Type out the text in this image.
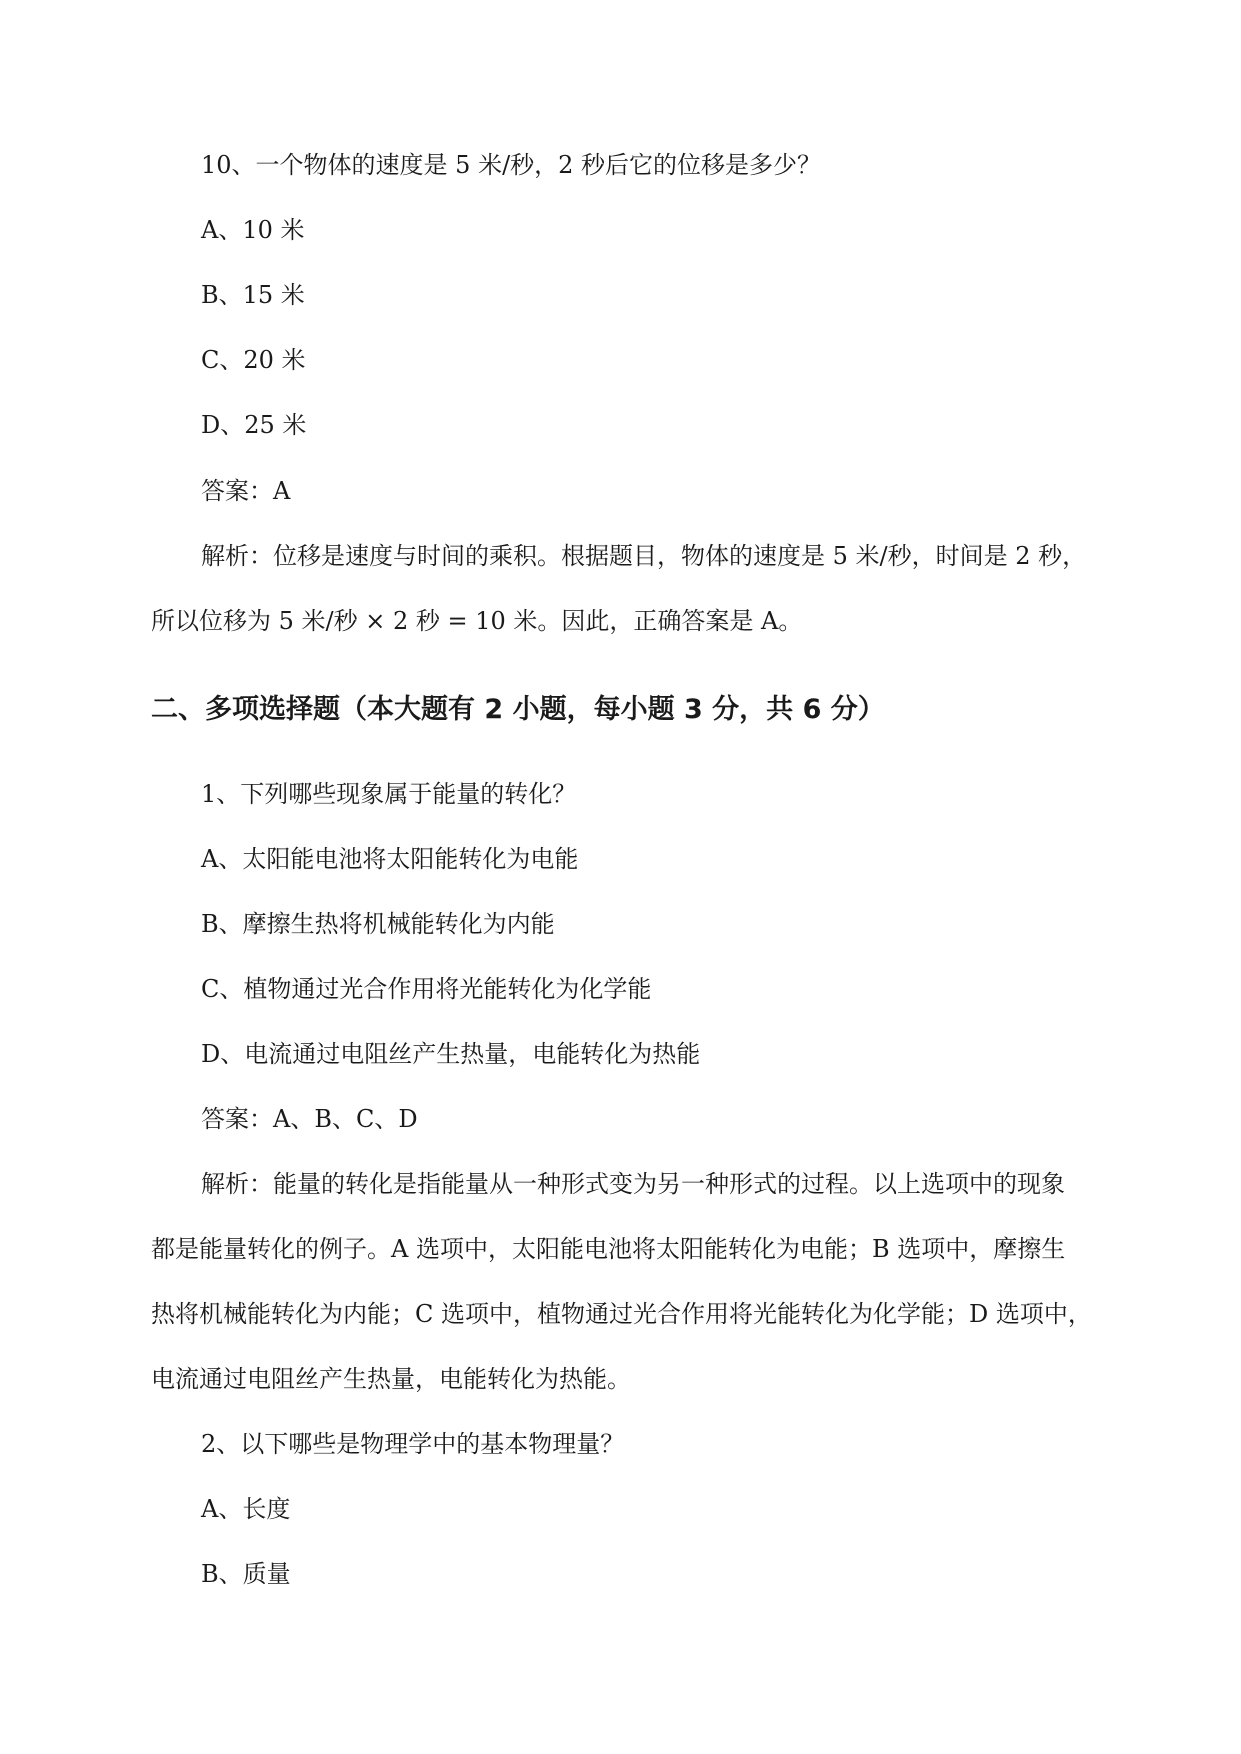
10、一个物体的速度是 5 米/秒，2 秒后它的位移是多少？
A、10 米
B、15 米
C、20 米
D、25 米
答案：A
解析：位移是速度与时间的乘积。根据题目，物体的速度是 5 米/秒，时间是 2 秒，
所以位移为 5 米/秒 × 2 秒 = 10 米。因此，正确答案是 A。
二、多项选择题（本大题有 2 小题，每小题 3 分，共 6 分）
1、下列哪些现象属于能量的转化？
A、太阳能电池将太阳能转化为电能
B、摩擦生热将机械能转化为内能
C、植物通过光合作用将光能转化为化学能
D、电流通过电阻丝产生热量，电能转化为热能
答案：A、B、C、D
解析：能量的转化是指能量从一种形式变为另一种形式的过程。以上选项中的现象
都是能量转化的例子。A 选项中，太阳能电池将太阳能转化为电能；B 选项中，摩擦生
热将机械能转化为内能；C 选项中，植物通过光合作用将光能转化为化学能；D 选项中，
电流通过电阻丝产生热量，电能转化为热能。
2、以下哪些是物理学中的基本物理量？
A、长度
B、质量
